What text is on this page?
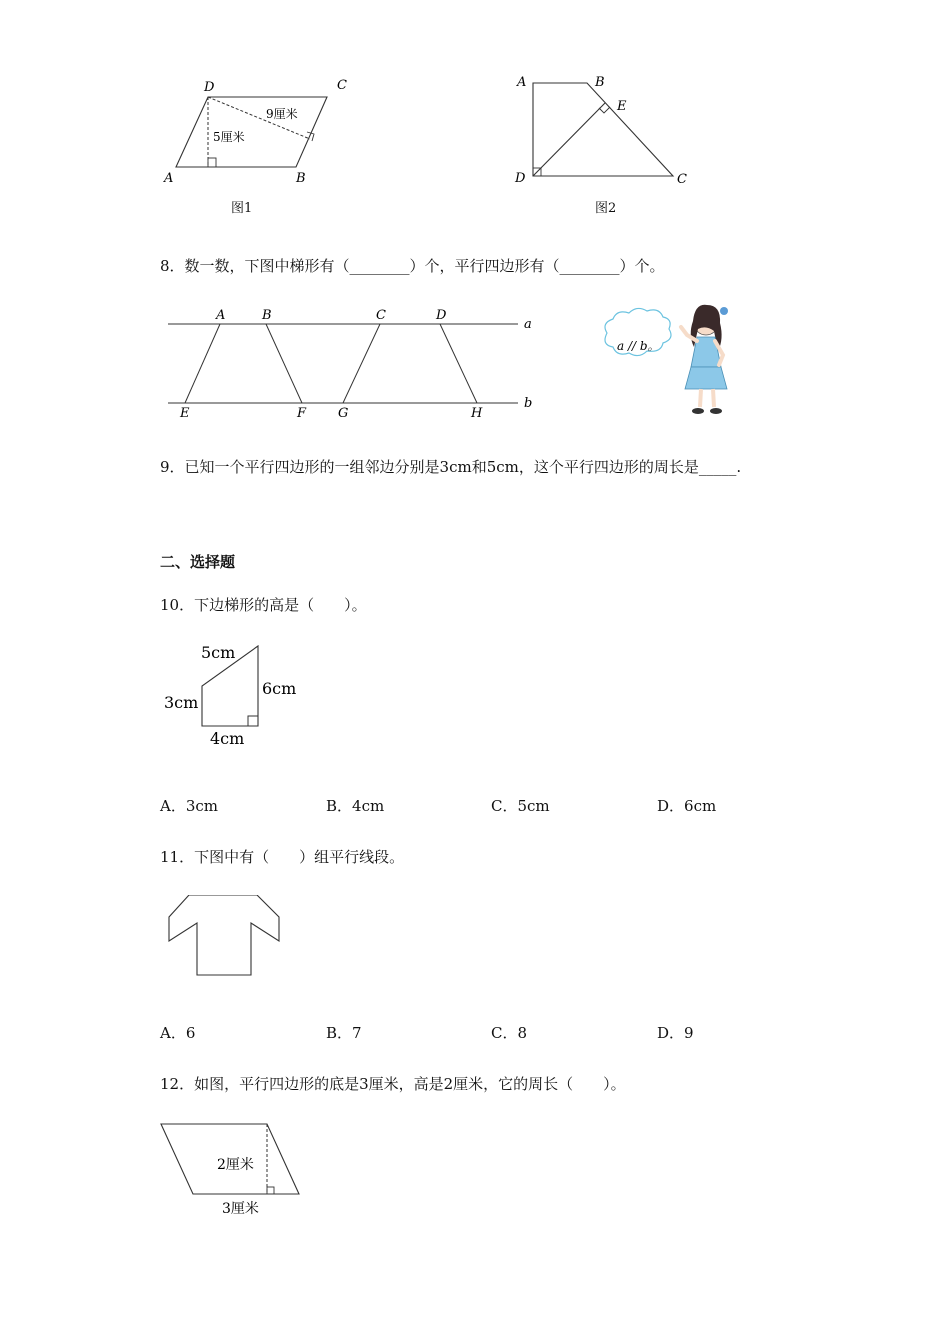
D	C
A	B
9厘米
5厘米
图1
A	B
E
D	C
图2
8．数一数，下图中梯形有（________）个，平行四边形有（________）个。
A	B	C	D
E	F G	H
a
b
a // b。
9．已知一个平行四边形的一组邻边分别是3cm和5cm，这个平行四边形的周长是_____.
二、选择题
10．下边梯形的高是（　　）。
5cm
3cm
6cm
4cm
A．3cm	B．4cm	C．5cm	D．6cm
11．下图中有（　　）组平行线段。
A．6	B．7	C．8	D．9
12．如图，平行四边形的底是3厘米，高是2厘米，它的周长（　　）。
2厘米
3厘米
